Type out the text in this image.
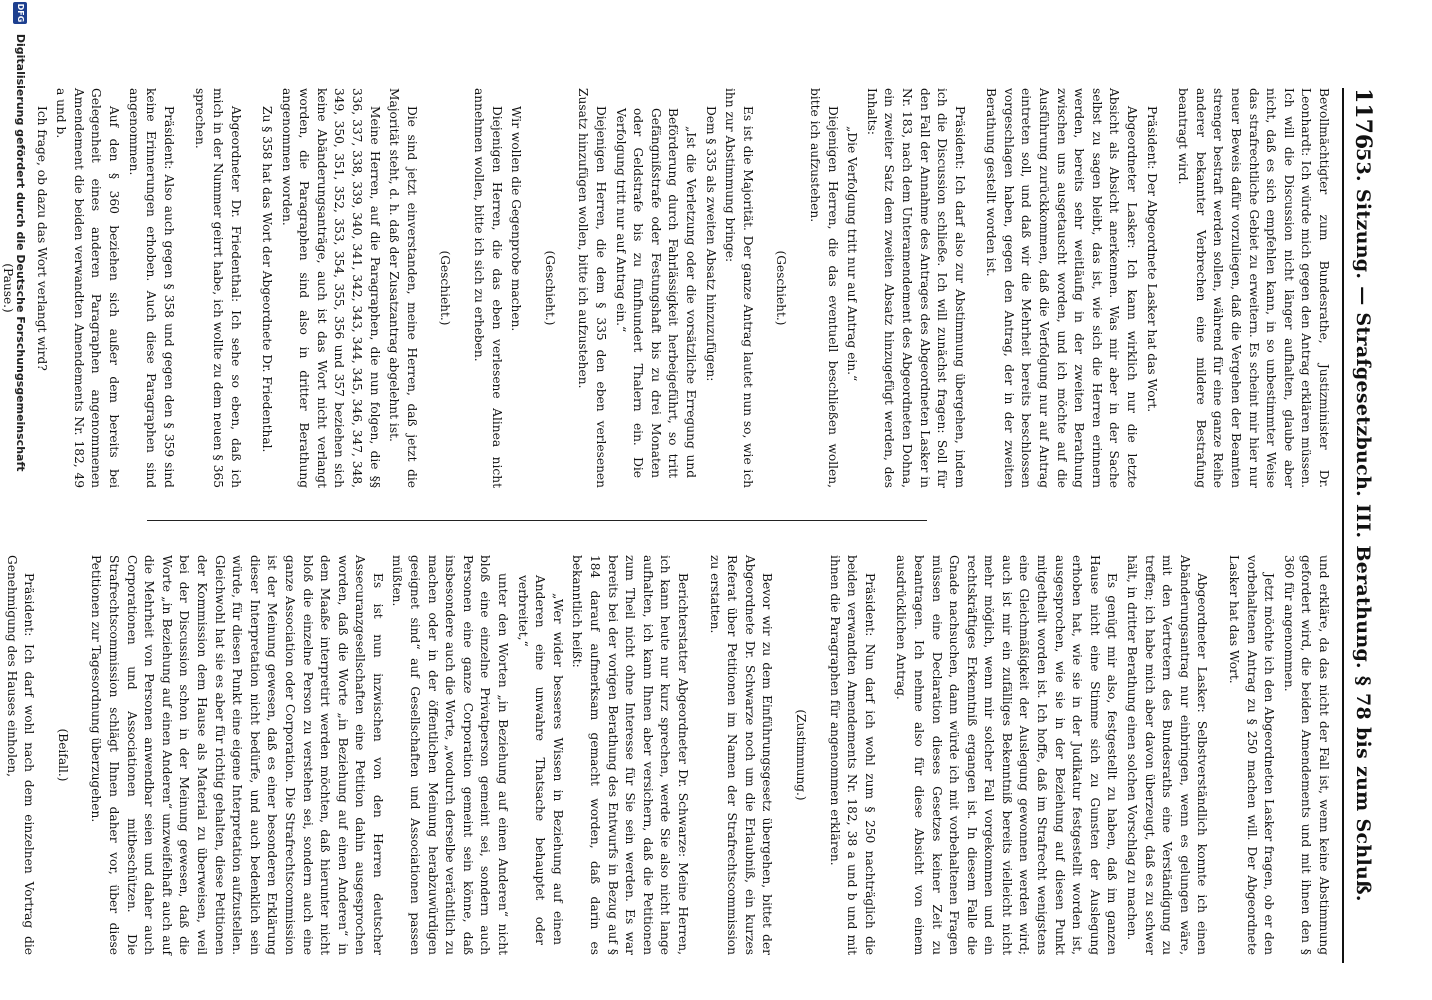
1176
53. Sitzung. — Strafgesetzbuch. III. Berathung. § 78 bis zum Schluß.

Bevollmächtigter zum Bundesrathe, Justizminister Dr. Leonhardt: Ich würde mich gegen den Antrag erklären müssen. Ich will die Discussion nicht länger aufhalten, glaube aber nicht, daß es sich empfehlen kann, in so unbestimmter Weise das strafrechtliche Gebiet zu erweitern. Es scheint mir hier nur neuer Beweis dafür vorzuliegen, daß die Vergehen der Beamten strenger bestraft werden sollen, während für eine ganze Reihe anderer bekannter Verbrechen eine mildere Bestrafung beantragt wird.

Präsident: Der Abgeordnete Lasker hat das Wort.

Abgeordneter Lasker: Ich kann wirklich nur die letzte Absicht als Absicht anerkennen. Was mir aber in der Sache selbst zu sagen bleibt, das ist, wie sich die Herren erinnern werden, bereits sehr weitläufig in der zweiten Berathung zwischen uns ausgetauscht worden, und ich möchte auf die Ausführung zurückkommen, daß die Verfolgung nur auf Antrag eintreten soll, und daß wir die Mehrheit bereits beschlossen vorgeschlagen haben, gegen den Antrag, der in der zweiten Berathung gestellt worden ist.

Präsident: Ich darf also zur Abstimmung übergehen, indem ich die Discussion schließe. Ich will zunächst fragen: Soll für den Fall der Annahme des Antrages des Abgeordneten Lasker in Nr. 183, nach dem Unteramendement des Abgeordneten Dohna, ein zweiter Satz dem zweiten Absatz hinzugefügt werden, des Inhalts:

„Die Verfolgung tritt nur auf Antrag ein.“

Diejenigen Herren, die das eventuell beschließen wollen, bitte ich aufzustehen.

(Geschieht.)

Es ist die Majorität. Der ganze Antrag lautet nun so, wie ich ihn zur Abstimmung bringe:

Dem § 335 als zweiten Absatz hinzuzufügen:

„Ist die Verletzung oder die vorsätzliche Erregung und Beförderung durch Fahrlässigkeit herbeigeführt, so tritt Gefängnißstrafe oder Festungshaft bis zu drei Monaten oder Geldstrafe bis zu fünfhundert Thalern ein. Die Verfolgung tritt nur auf Antrag ein.“

Diejenigen Herren, die dem § 335 den eben verlesenen Zusatz hinzufügen wollen, bitte ich aufzustehen.

(Geschieht.)

Wir wollen die Gegenprobe machen.

Diejenigen Herren, die das eben verlesene Alinea nicht annehmen wollen, bitte ich sich zu erheben.

(Geschieht.)

Die sind jetzt einverstanden, meine Herren, daß jetzt die Majorität steht, d. h. daß der Zusatzantrag abgelehnt ist.

Meine Herren, auf die Paragraphen, die nun folgen, die §§ 336, 337, 338, 339, 340, 341, 342, 343, 344, 345, 346, 347, 348, 349, 350, 351, 352, 353, 354, 355, 356 und 357 beziehen sich keine Abänderungsanträge, auch ist das Wort nicht verlangt worden, die Paragraphen sind also in dritter Berathung angenommen worden.

Zu § 358 hat das Wort der Abgeordnete Dr. Friedenthal.

Abgeordneter Dr. Friedenthal: Ich sehe so eben, daß ich mich in der Nummer geirrt habe, ich wollte zu dem neuen § 365 sprechen.

Präsident: Also auch gegen § 358 und gegen den § 359 sind keine Erinnerungen erhoben. Auch diese Paragraphen sind angenommen.

Auf den § 360 beziehen sich außer dem bereits bei Gelegenheit eines anderen Paragraphen angenommenen Amendement die beiden verwandten Amendements Nr. 182, 49 a und b.

Ich frage, ob dazu das Wort verlangt wird?

(Pause.)

und erkläre, da das nicht der Fall ist, wenn keine Abstimmung gefordert wird, die beiden Amendements und mit ihnen den § 360 für angenommen.

Jetzt möchte ich den Abgeordneten Lasker fragen, ob er den vorbehaltenen Antrag zu § 250 machen will. Der Abgeordnete Lasker hat das Wort.

Abgeordneter Lasker: Selbstverständlich konnte ich einen Abänderungsantrag nur einbringen, wenn es gelungen wäre, mit den Vertretern des Bundesraths eine Verständigung zu treffen; ich habe mich aber davon überzeugt, daß es zu schwer hält, in dritter Berathung einen solchen Vorschlag zu machen.

Es genügt mir also, festgestellt zu haben, daß im ganzen Hause nicht eine Stimme sich zu Gunsten der Auslegung erhoben hat, wie sie in der Judikatur festgestellt worden ist, ausgesprochen, wie sie in der Beziehung auf diesen Punkt mitgetheilt worden ist. Ich hoffe, daß im Strafrecht wenigstens eine Gleichmäßigkeit der Auslegung gewonnen werden wird; auch ist mir ein zufälliges Bekenntniß bereits vielleicht nicht mehr möglich, wenn mir solcher Fall vorgekommen und ein rechtskräftiges Erkenntniß ergangen ist. In diesem Falle die Gnade nachsuchen, dann würde ich mit vorbehaltenen Fragen müssen eine Declaration dieses Gesetzes keiner Zeit zu beantragen. Ich nehme also für diese Absicht von einem ausdrücklichen Antrag.

Präsident: Nun darf ich wohl zum § 250 nachträglich die beiden verwandten Amendements Nr. 182, 38 a und b und mit ihnen die Paragraphen für angenommen erklären.

(Zustimmung.)

Bevor wir zu dem Einführungsgesetz übergehen, bittet der Abgeordnete Dr. Schwarze noch um die Erlaubniß, ein kurzes Referat über Petitionen im Namen der Strafrechtscommission zu erstatten.

Berichterstatter Abgeordneter Dr. Schwarze: Meine Herren, ich kann heute nur kurz sprechen, werde Sie also nicht lange aufhalten, ich kann Ihnen aber versichern, daß die Petitionen zum Theil nicht ohne Interesse für Sie sein werden. Es war bereits bei der vorigen Berathung des Entwurfs in Bezug auf § 184 darauf aufmerksam gemacht worden, daß darin es bekanntlich heißt:

„Wer wider besseres Wissen in Beziehung auf einen Anderen eine unwahre Thatsache behauptet oder verbreitet,“

unter den Worten „in Beziehung auf einen Anderen“ nicht bloß eine einzelne Privatperson gemeint sei, sondern auch Personen eine ganze Corporation gemeint sein könne, daß insbesondere auch die Worte, „wodurch derselbe verächtlich zu machen oder in der öffentlichen Meinung herabzuwürdigen geeignet sind“ auf Gesellschaften und Associationen passen müßten.

Es ist nun inzwischen von den Herren deutscher Assecuranzgesellschaften eine Petition dahin ausgesprochen worden, daß die Worte „in Beziehung auf einen Anderen“ in dem Maaße interpretirt werden möchten, daß hierunter nicht bloß die einzelne Person zu verstehen sei, sondern auch eine ganze Association oder Corporation. Die Strafrechtscommission ist der Meinung gewesen, daß es einer besonderen Erklärung dieser Interpretation nicht bedürfe, und auch bedenklich sein würde, für diesen Punkt eine eigene Interpretation aufzustellen. Gleichwohl hat sie es aber für richtig gehalten, diese Petitionen der Kommission dem Hause als Material zu überweisen, weil bei der Discussion schon in der Meinung gewesen, daß die Worte „in Beziehung auf einen Anderen“ unzweifelhaft auch auf die Mehrheit von Personen anwendbar seien und daher auch Corporationen und Associationen mitbeschützen. Die Strafrechtscommission schlägt Ihnen daher vor, über diese Petitionen zur Tagesordnung überzugehen.

(Beifall.)

Präsident: Ich darf wohl nach dem einzelnen Vortrag die Genehmigung des Hauses einholen,

DFG Digitalisierung gefördert durch die Deutsche Forschungsgemeinschaft
